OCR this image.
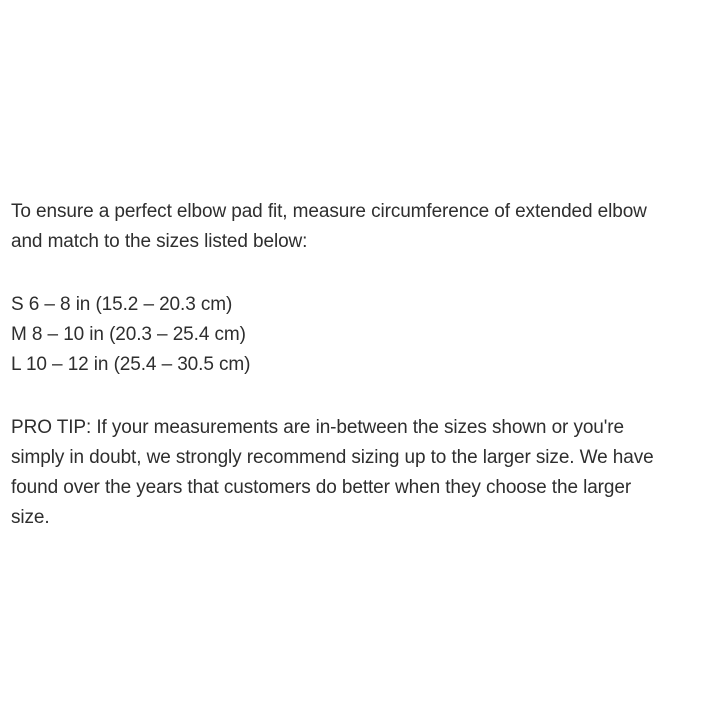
To ensure a perfect elbow pad fit, measure circumference of extended elbow
and match to the sizes listed below:
S 6 – 8 in (15.2 – 20.3 cm)
M 8 – 10 in (20.3 – 25.4 cm)
L 10 – 12 in (25.4 – 30.5 cm)
PRO TIP: If your measurements are in-between the sizes shown or you're
simply in doubt, we strongly recommend sizing up to the larger size. We have
found over the years that customers do better when they choose the larger
size.
